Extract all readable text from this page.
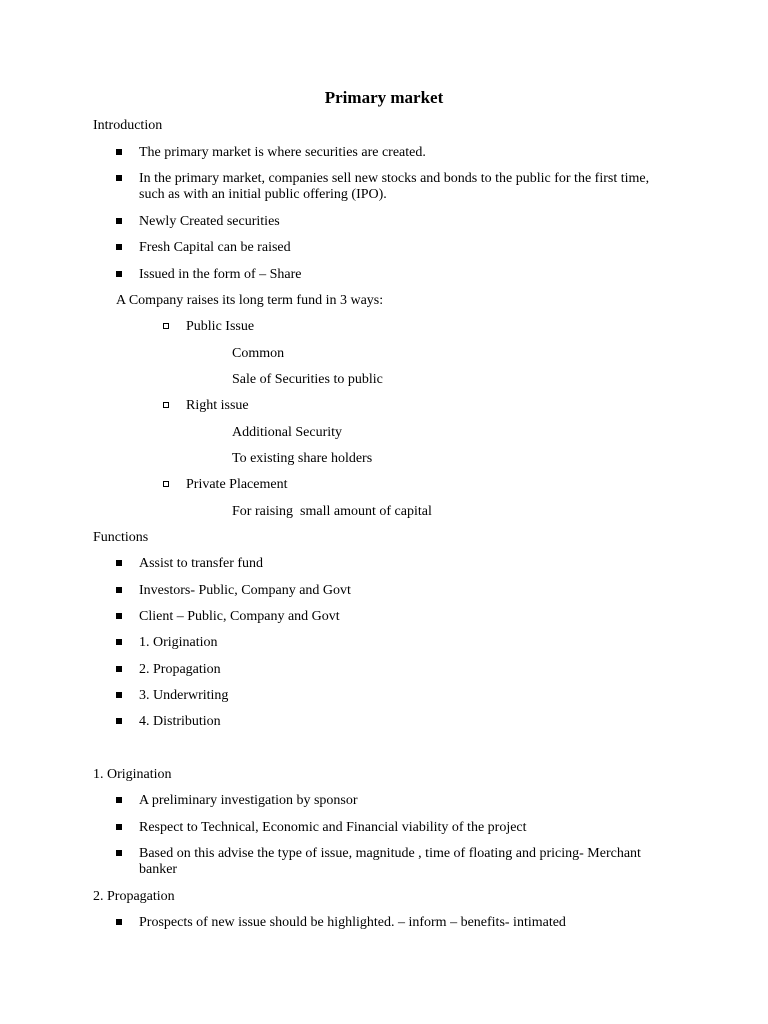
Primary market
Introduction
The primary market is where securities are created.
In the primary market, companies sell new stocks and bonds to the public for the first time, such as with an initial public offering (IPO).
Newly Created securities
Fresh Capital can be raised
Issued in the form of – Share
A Company raises its long term fund in 3 ways:
Public Issue
Common
Sale of Securities to public
Right issue
Additional Security
To existing share holders
Private Placement
For raising  small amount of capital
Functions
Assist to transfer fund
Investors- Public, Company and Govt
Client – Public, Company and Govt
1. Origination
2. Propagation
3. Underwriting
4. Distribution
1. Origination
A preliminary investigation by sponsor
Respect to Technical, Economic and Financial viability of the project
Based on this advise the type of issue, magnitude , time of floating and pricing- Merchant banker
2. Propagation
Prospects of new issue should be highlighted. – inform – benefits- intimated
